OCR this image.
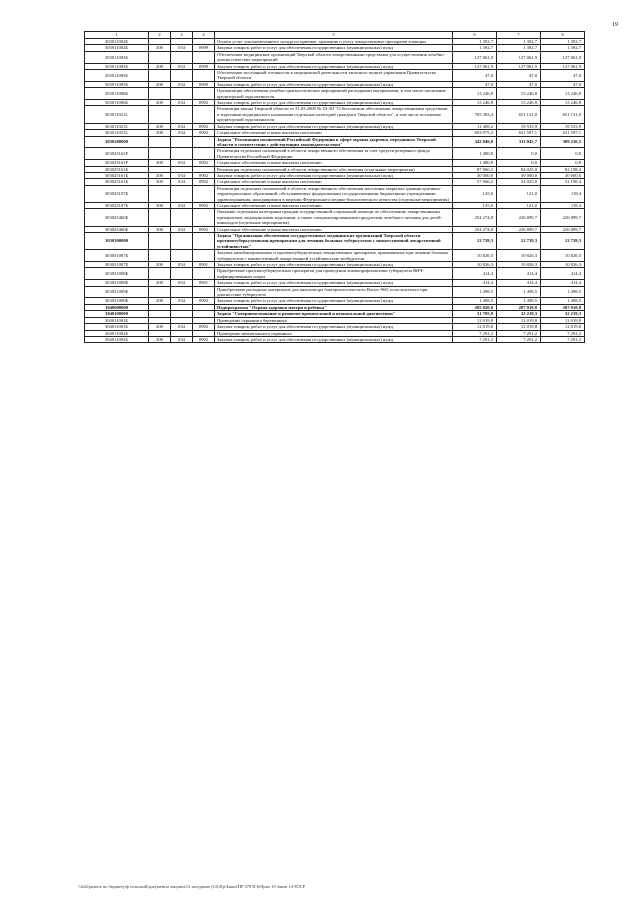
19
1	2	3	4	5	6	7	8
303011002Б				Оплата услуг уполномоченного склада по приемке, хранению и учету лекарственных препаратов и вакцин	1 392,7	1 392,7	1 392,7
303011002Б	200	034	0909	Закупка товаров, работ и услуг для обеспечения государственных (муниципальных) нужд	1 392,7	1 392,7	1 392,7
303011003Б				Обеспечение медицинских организаций Тверской области лекарственными средствами для осуществления лечебно-диагностических мероприятий	127 061,9	127 061,9	127 061,9
303011003Б	200	034	0909	Закупка товаров, работ и услуг для обеспечения государственных (муниципальных) нужд	127 061,9	127 061,9	127 061,9
303011005Б				Обеспечение постоянной готовности к медицинской деятельности запасного пункта управления Правительства Тверской области	47,0	47,0	47,0
303011005Б	200	034	0909	Закупка товаров, работ и услуг для обеспечения государственных (муниципальных) нужд	47,0	47,0	47,0
303011006Б				Организация обеспечения лечебно-диагностических мероприятий расходными материалами, в том числе погашение кредиторской задолженности	13 246,8	13 246,8	13 246,8
303011006Б	200	034	0902	Закупка товаров, работ и услуг для обеспечения государственных (муниципальных) нужд	13 246,8	13 246,8	13 246,8
303011021L				Реализация закона Тверской области от 31.03.2008 № 23-ЗО "О бесплатном обеспечении лекарственными средствами и изделиями медицинского назначения отдельных категорий граждан в Тверской области", в том числе погашение кредиторской задолженности	705 383,4	651 131,0	651 131,0
303011021L	200	034	0902	Закупка товаров, работ и услуг для обеспечения государственных (муниципальных) нужд	11 408,2	19 533,9	19 533,9
303011021L	300	034	0902	Социальное обеспечение и иные выплаты населению	693 975,2	631 597,1	631 597,1
3030200000				Задача "Реализация полномочий Российской Федерации в сфере охраны здоровья, переданных Тверской области в соответствии с действующим законодательством"	342 946,0	311 045,7	309 216,5
303025161F				Реализация отдельных полномочий в области лекарственного обеспечения за счет средств резервного фонда Правительства Российской Федерации	1 480,0	0,0	0,0
303025161F	300	034	0902	Социальное обеспечение и иные выплаты населению	1 480,0	0,0	0,0
303025161Б				Реализация отдельных полномочий в области лекарственного обеспечения (отдельные мероприятия)	87 066,2	84 025,0	82 198,4
303025161Б	200	034	0902	Закупка товаров, работ и услуг для обеспечения государственных (муниципальных) нужд	30 000,0	30 000,0	30 000,0
303025161Б	300	034	0902	Социальное обеспечение и иные выплаты населению	57 066,2	54 025,0	52 198,4
303025197Б				Реализация отдельных полномочий в области лекарственного обеспечения населения закрытых административно-территориальных образований, обслуживаемых федеральными государственными бюджетными учреждениями здравоохранения, находящимися в ведении Федерального медико-биологического агентства (отдельные мероприятия)	125,0	121,0	118,4
303025197Б	300	034	0902	Социальное обеспечение и иные выплаты населению	125,0	121,0	118,4
303025460Б				Оказание отдельным категориям граждан государственной социальной помощи по обеспечению лекарственными препаратами, медицинскими изделиями, а также специализированными продуктами лечебного питания для детей-инвалидов (отдельные мероприятия)	254 274,8	226 899,7	226 899,7
303025460Б	300	034	0902	Социальное обеспечение и иные выплаты населению	254 274,8	226 899,7	226 899,7
3030300000				Задача "Организация обеспечения государственных медицинских организаций Тверской области противотуберкулезными препаратами для лечения больных туберкулезом с множественной лекарственной устойчивостью"	12 739,3	12 739,3	12 739,3
303031007Б				Закупка антибактериальных и противотуберкулезных лекарственных препаратов, применяемых при лечении больных туберкулезом с множественной лекарственной устойчивостью возбудителя	10 826,3	10 826,3	10 826,3
303031007Б	200	034	0901	Закупка товаров, работ и услуг для обеспечения государственных (муниципальных) нужд	10 826,3	10 826,3	10 826,3
303031008Б				Приобретение противотуберкулезных препаратов для проведения химиопрофилактики туберкулеза ВИЧ-инфицированным лицам	414,4	414,4	414,4
303031008Б	200	034	0901	Закупка товаров, работ и услуг для обеспечения государственных (муниципальных) нужд	414,4	414,4	414,4
303031009Б				Приобретение расходных материалов для анализатора бактериологического Bactec-960, используемого при диагностике туберкулеза	1 498,5	1 498,5	1 498,5
303031009Б	200	034	0902	Закупка товаров, работ и услуг для обеспечения государственных (муниципальных) нужд	1 498,5	1 498,5	1 498,5
3040000000				Подпрограмма "Охрана здоровья матери и ребенка"	285 820,0	287 018,8	287 018,8
3040100000				Задача "Совершенствование и развитие пренатальной и неонатальной диагностики"	31 705,9	32 219,3	32 219,3
304011001Б				Проведение скрининга беременных	12 019,8	12 019,8	12 019,8
304011001Б	200	034	0902	Закупка товаров, работ и услуг для обеспечения государственных (муниципальных) нужд	12 019,8	12 019,8	12 019,8
304011002Б				Проведение неонатального скрининга	7 291,2	7 291,2	7 291,2
304011002Б	200	034	0902	Закупка товаров, работ и услуг для обеспечения государственных (муниципальных) нужд	7 291,2	7 291,2	7 291,2
\\fs02\разное по бюджету\ф сельский\документы закупки\13 заседание (13)\Пр\Закон\ПР 378 П-6\Прил 10 Закон 14-ЗОСР
